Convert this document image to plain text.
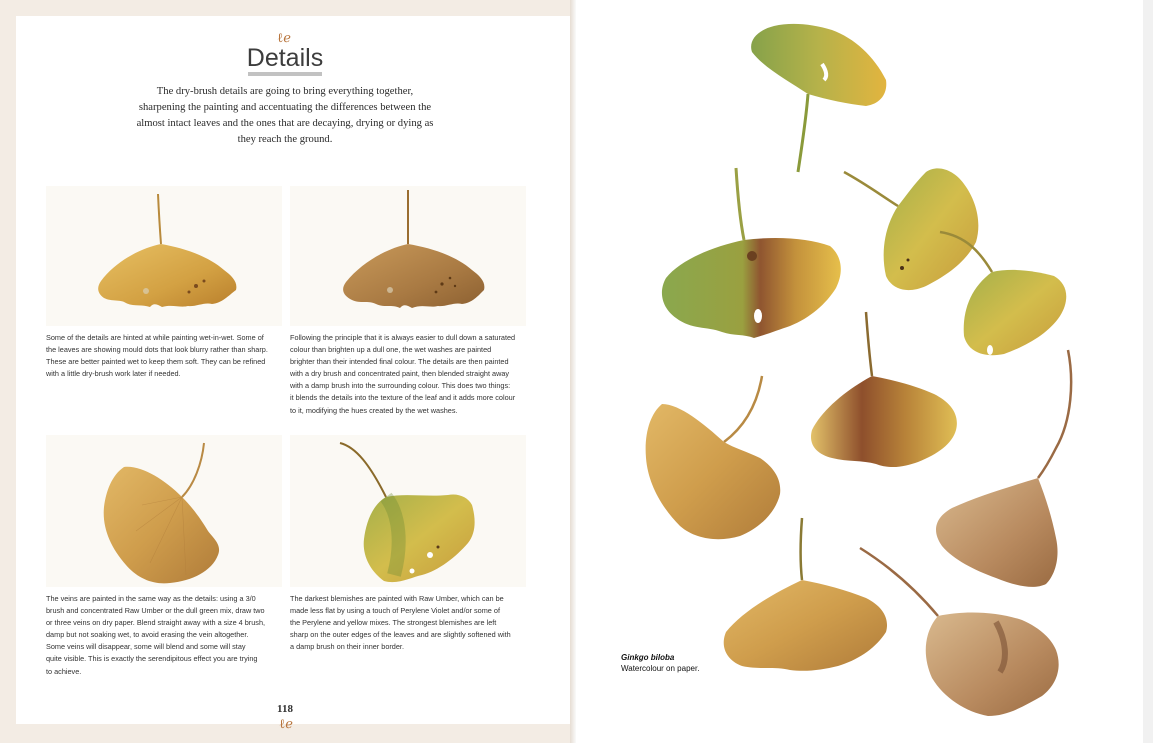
ℓℯ
Details
The dry-brush details are going to bring everything together,
sharpening the painting and accentuating the differences between the
almost intact leaves and the ones that are decaying, drying or dying as
they reach the ground.
Some of the details are hinted at while painting wet-in-wet. Some of
the leaves are showing mould dots that look blurry rather than sharp.
These are better painted wet to keep them soft. They can be refined
with a little dry-brush work later if needed.
Following the principle that it is always easier to dull down a saturated
colour than brighten up a dull one, the wet washes are painted
brighter than their intended final colour. The details are then painted
with a dry brush and concentrated paint, then blended straight away
with a damp brush into the surrounding colour. This does two things:
it blends the details into the texture of the leaf and it adds more colour
to it, modifying the hues created by the wet washes.
The veins are painted in the same way as the details: using a 3/0
brush and concentrated Raw Umber or the dull green mix, draw two
or three veins on dry paper. Blend straight away with a size 4 brush,
damp but not soaking wet, to avoid erasing the vein altogether.
Some veins will disappear, some will blend and some will stay
quite visible. This is exactly the serendipitous effect you are trying
to achieve.
The darkest blemishes are painted with Raw Umber, which can be
made less flat by using a touch of Perylene Violet and/or some of
the Perylene and yellow mixes. The strongest blemishes are left
sharp on the outer edges of the leaves and are slightly softened with
a damp brush on their inner border.
118
ℓℯ
Ginkgo biloba
Watercolour on paper.
